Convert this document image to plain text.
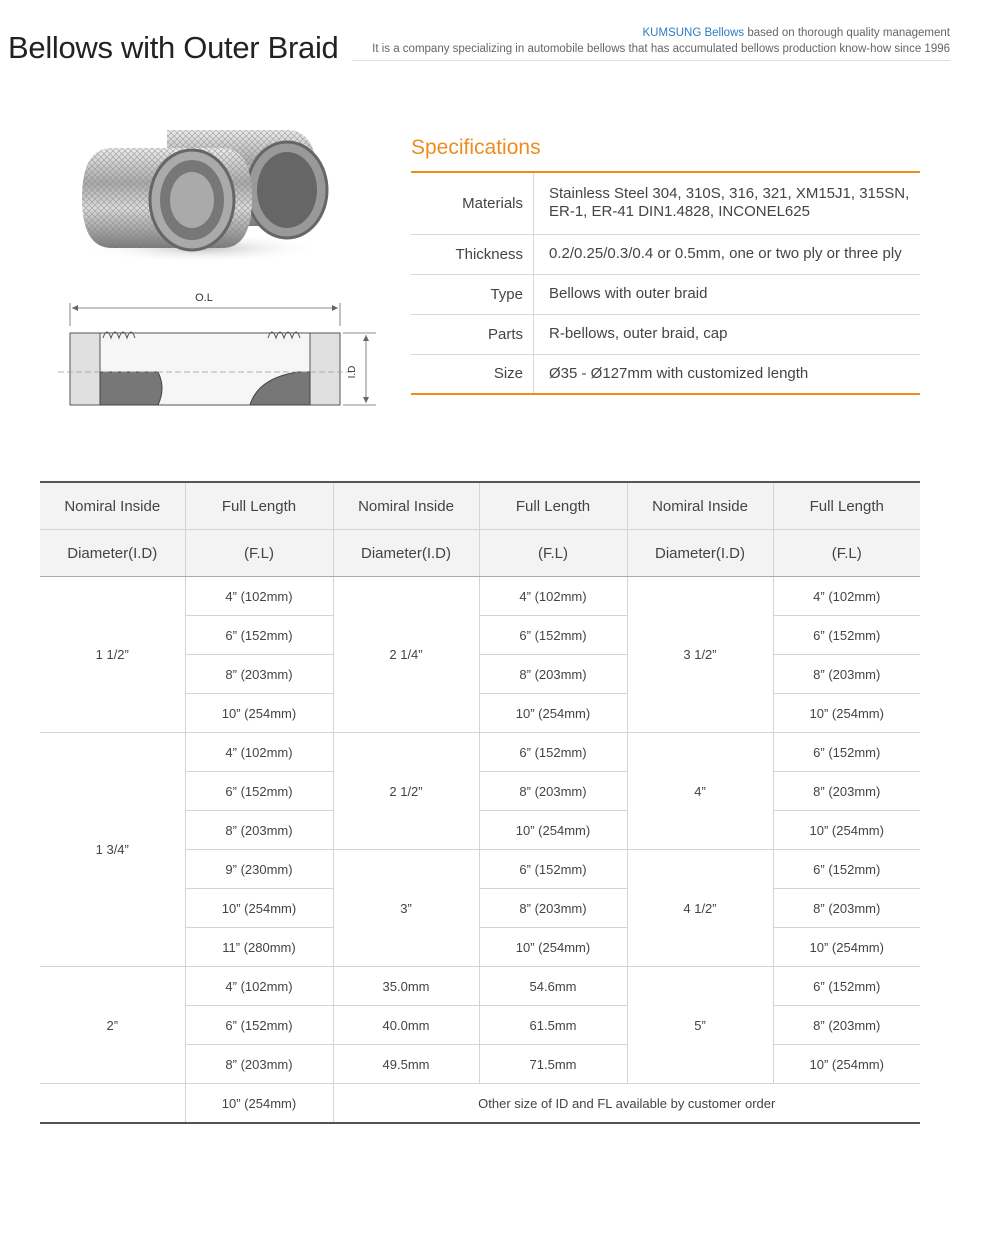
Bellows with Outer Braid	KUMSUNG Bellows based on thorough quality management
It is a company specializing in automobile bellows that has accumulated bellows production know-how since 1996
O.L
I.D
Specifications
Materials	Stainless Steel 304, 310S, 316, 321, XM15J1, 315SN,
ER-1, ER-41 DIN1.4828, INCONEL625

Thickness	0.2/0.25/0.3/0.4 or 0.5mm, one or two ply or three ply
Type	Bellows with outer braid
Parts	R-bellows, outer braid, cap
Size	Ø35 - Ø127mm with customized length
Nomiral Inside	Full Length	Nomiral Inside	Full Length	Nomiral Inside	Full Length
Diameter(I.D)	(F.L)	Diameter(I.D)	(F.L)	Diameter(I.D)	(F.L)
1 1/2”	4” (102mm)	2 1/4”	4” (102mm)	3 1/2”	4” (102mm)
	6” (152mm)		6” (152mm)		6” (152mm)
	8” (203mm)		8” (203mm)		8” (203mm)
	10” (254mm)		10” (254mm)		10” (254mm)
1 3/4”	4” (102mm)	2 1/2”	6” (152mm)	4”	6” (152mm)
	6” (152mm)		8” (203mm)		8” (203mm)
	8” (203mm)		10” (254mm)		10” (254mm)
	9” (230mm)	3”	6” (152mm)	4 1/2”	6” (152mm)
	10” (254mm)		8” (203mm)		8” (203mm)
	11” (280mm)		10” (254mm)		10” (254mm)
2”	4” (102mm)	35.0mm	54.6mm	5”	6” (152mm)
	6” (152mm)	40.0mm	61.5mm		8” (203mm)
	8” (203mm)	49.5mm	71.5mm		10” (254mm)
	10” (254mm)	Other size of ID and FL available by customer order			
